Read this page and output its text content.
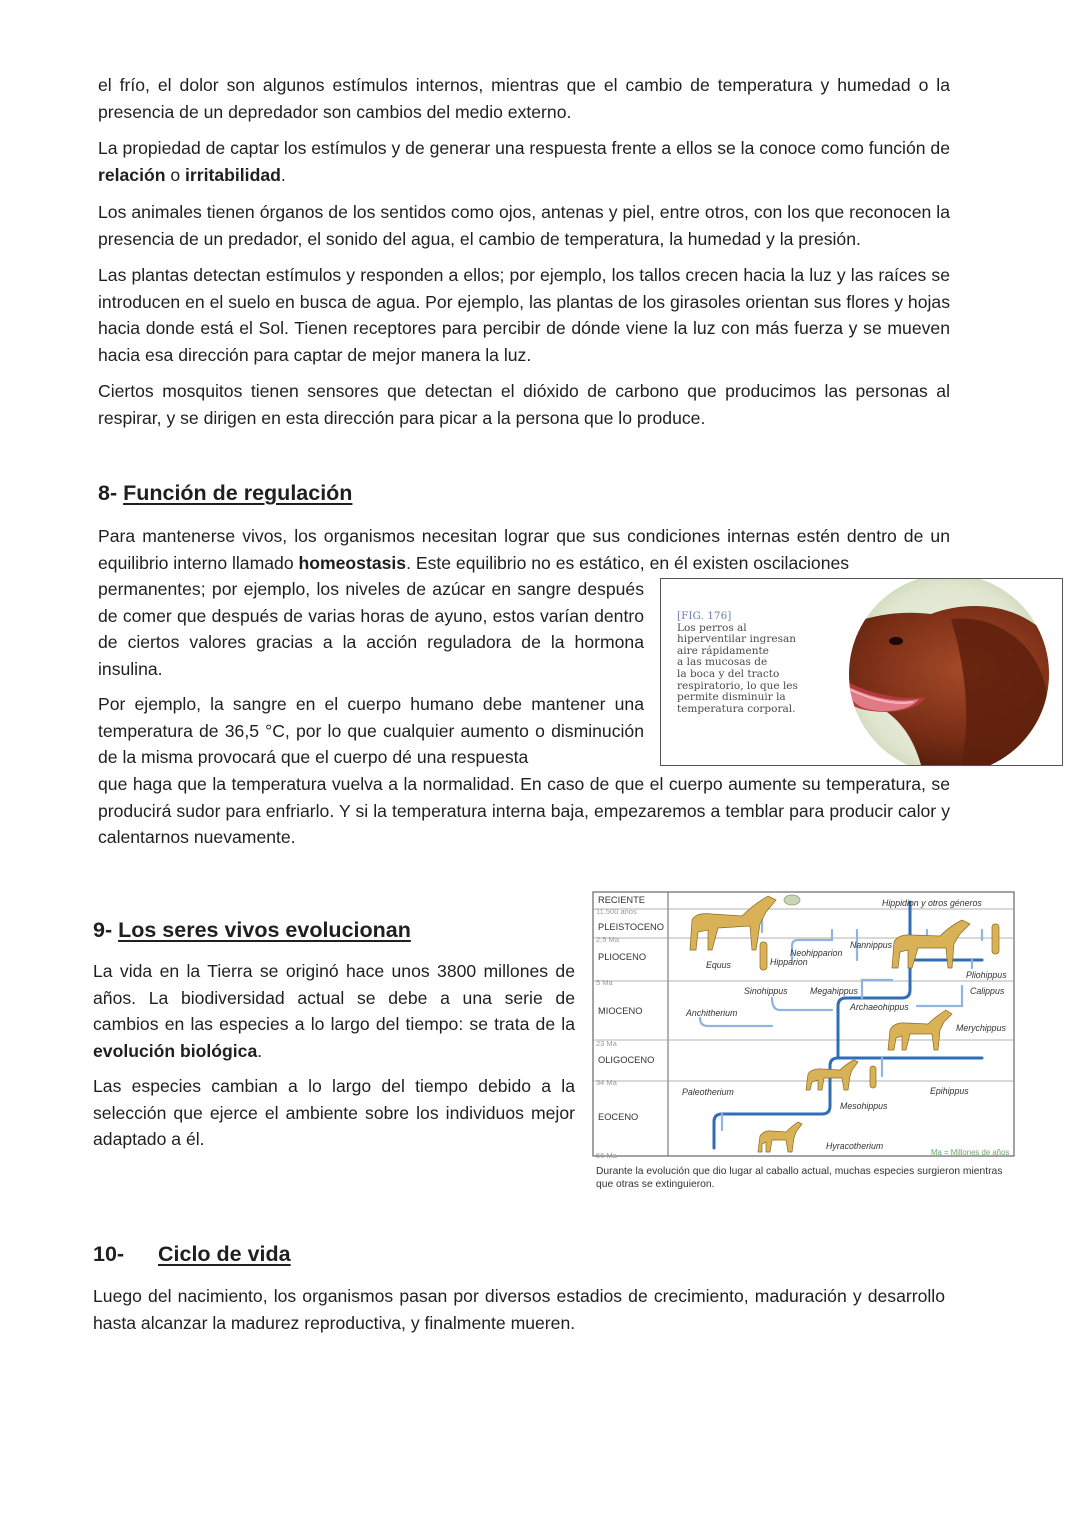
el frío, el dolor son algunos estímulos internos, mientras que el cambio de temperatura y humedad o la presencia de un depredador son cambios del medio externo.

La propiedad de captar los estímulos y de generar una respuesta frente a ellos se la conoce como función de relación o irritabilidad.

Los animales tienen órganos de los sentidos como ojos, antenas y piel, entre otros, con los que reconocen la presencia de un predador, el sonido del agua, el cambio de temperatura, la humedad y la presión.

Las plantas detectan estímulos y responden a ellos; por ejemplo, los tallos crecen hacia la luz y las raíces se introducen en el suelo en busca de agua. Por ejemplo, las plantas de los girasoles orientan sus flores y hojas hacia donde está el Sol. Tienen receptores para percibir de dónde viene la luz con más fuerza y se mueven hacia esa dirección para captar de mejor manera la luz.

Ciertos mosquitos tienen sensores que detectan el dióxido de carbono que producimos las personas al respirar, y se dirigen en esta dirección para picar a la persona que lo produce.

8- Función de regulación

Para mantenerse vivos, los organismos necesitan lograr que sus condiciones internas estén dentro de un equilibrio interno llamado homeostasis. Este equilibrio no es estático, en él existen oscilaciones

permanentes; por ejemplo, los niveles de azúcar en sangre después de comer que después de varias horas de ayuno, estos varían dentro de ciertos valores gracias a la acción reguladora de la hormona insulina.

Por ejemplo, la sangre en el cuerpo humano debe mantener una temperatura de 36,5 °C, por lo que cualquier aumento o disminución de la misma provocará que el cuerpo dé una respuesta

que haga que la temperatura vuelva a la normalidad. En caso de que el cuerpo aumente su temperatura, se producirá sudor para enfriarlo. Y si la temperatura interna baja, empezaremos a temblar para producir calor y calentarnos nuevamente.

[FIG. 176]
Los perros al
hiperventilar ingresan
aire rápidamente
a las mucosas de
la boca y del tracto
respiratorio, lo que les
permite disminuir la
temperatura corporal.
9- Los seres vivos evolucionan

La vida en la Tierra se originó hace unos 3800 millones de años. La biodiversidad actual se debe a una serie de cambios en las especies a lo largo del tiempo: se trata de la evolución biológica.

Las especies cambian a lo largo del tiempo debido a la selección que ejerce el ambiente sobre los individuos mejor adaptado a él.

RECIENTE
11.500 años
PLEISTOCENO
2,5 Ma
PLIOCENO
5 Ma
MIOCENO
23 Ma
OLIGOCENO
34 Ma
EOCENO
56 Ma
Hippidion y otros géneros
Nannippus
Neohipparion
Equus	Hipparion
Pliohippus
Calippus
Sinohippus	Megahippus
Archaeohippus
Anchitherium
Merychippus
Paleotherium	Epihippus
Mesohippus
Hyracotherium
Ma = Millones de años
Durante la evolución que dio lugar al caballo actual, muchas especies surgieron mientras que otras se extinguieron.
10- Ciclo de vida

Luego del nacimiento, los organismos pasan por diversos estadios de crecimiento, maduración y desarrollo hasta alcanzar la madurez reproductiva, y finalmente mueren.
